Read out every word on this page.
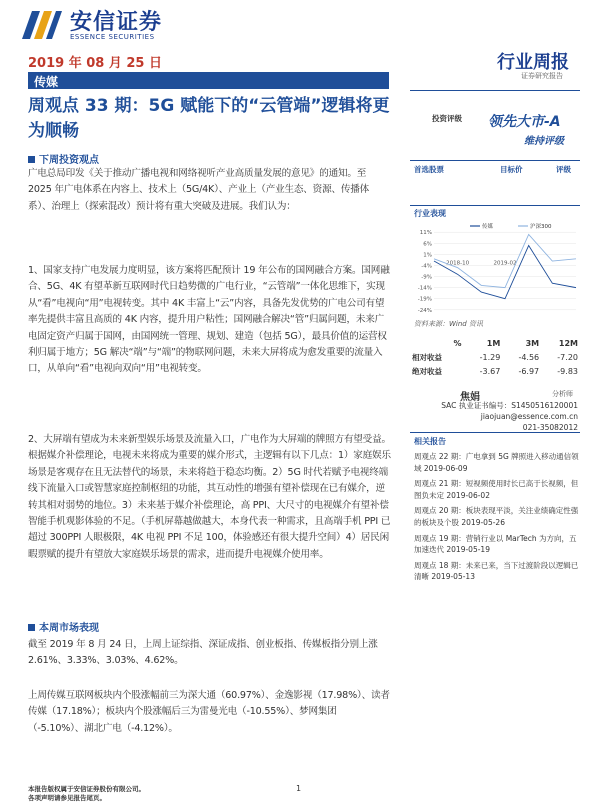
安信证券
ESSENCE SECURITIES
2019 年 08 月 25 日
传媒
行业周报
证券研究报告
周观点 33 期：5G 赋能下的“云管端”逻辑将更为顺畅
下周投资观点
广电总局印发《关于推动广播电视和网络视听产业高质量发展的意见》的通知。至 2025 年广电体系在内容上、技术上（5G/4K）、产业上（产业生态、资源、传播体系）、治理上（探索混改）预计将有重大突破及进展。我们认为：
1、国家支持广电发展力度明显，该方案将匹配预计 19 年公布的国网融合方案。国网融合、5G、4K 有望革新互联网时代日趋势微的广电行业，“云管端”一体化思维下，实现从“看”电视向“用”电视转变。其中 4K 丰富上“云”内容，具备先发优势的广电公司有望率先提供丰富且高质的 4K 内容，提升用户粘性；国网融合解决“管”归属问题，未来广电固定资产归属于国网，由国网统一管理、规划、建造（包括 5G），最具价值的运营权利归属于地方；5G 解决“端”与“端”的物联网问题，未来大屏将成为愈发重要的流量入口，从单向“看”电视向双向“用”电视转变。
2、大屏端有望成为未来新型娱乐场景及流量入口，广电作为大屏端的牌照方有望受益。根据媒介补偿理论，电视未来将成为重要的媒介形式，主逻辑有以下几点：1）家庭娱乐场景是客观存在且无法替代的场景，未来将趋于稳态均衡。2）5G 时代若赋予电视终端线下流量入口或智慧家庭控制枢纽的功能，其互动性的增强有望补偿现在已有媒介，逆转其相对弱势的地位。3）未来基于媒介补偿理论，高 PPI、大尺寸的电视媒介有望补偿智能手机观影体验的不足。（手机屏幕越做越大，本身代表一种需求，且高端手机 PPI 已超过 300PPI 人眼极限，4K 电视 PPI 不足 100，体验感还有很大提升空间）4）居民闲暇票赋的提升有望放大家庭娱乐场景的需求，进而提升电视媒介使用率。
本周市场表现
截至 2019 年 8 月 24 日，上周上证综指、深证成指、创业板指、传媒板指分别上涨 2.61%、3.33%、3.03%、4.62%。
上周传媒互联网板块内个股涨幅前三为深大通（60.97%）、金逸影视（17.98%）、读者传媒（17.18%）；板块内个股涨幅后三为雷曼光电（-10.55%）、梦网集团（-5.10%）、湖北广电（-4.12%）。
投资评级 领先大市-A
维持评级
首选股票	目标价	评级
行业表现
11%
6%
1%
-4%
-9%
-14%
-19%
-24%
2018-10	2019-02
传媒	沪深300
资料来源：Wind 资讯
%	1M	3M	12M
相对收益	-1.29	-4.56	-7.20
绝对收益	-3.67	-6.97	-9.83
焦娟	分析师
SAC 执业证书编号：S1450516120001
jiaojuan@essence.com.cn
021-35082012
相关报告
周观点 22 期：广电拿到 5G 牌照进入移动通信领域 2019-06-09
周观点 21 期：短视频使用时长已高于长视频，但图负未定 2019-06-02
周观点 20 期：板块表现平淡，关注业绩确定性强的板块及个股 2019-05-26
周观点 19 期：营销行业以 MarTech 为方向，五加速迭代 2019-05-19
周观点 18 期：未来已来，当下过渡阶段以逻辑已清晰 2019-05-13
本报告版权属于安信证券股份有限公司。
各项声明请参见报告尾页。
1
